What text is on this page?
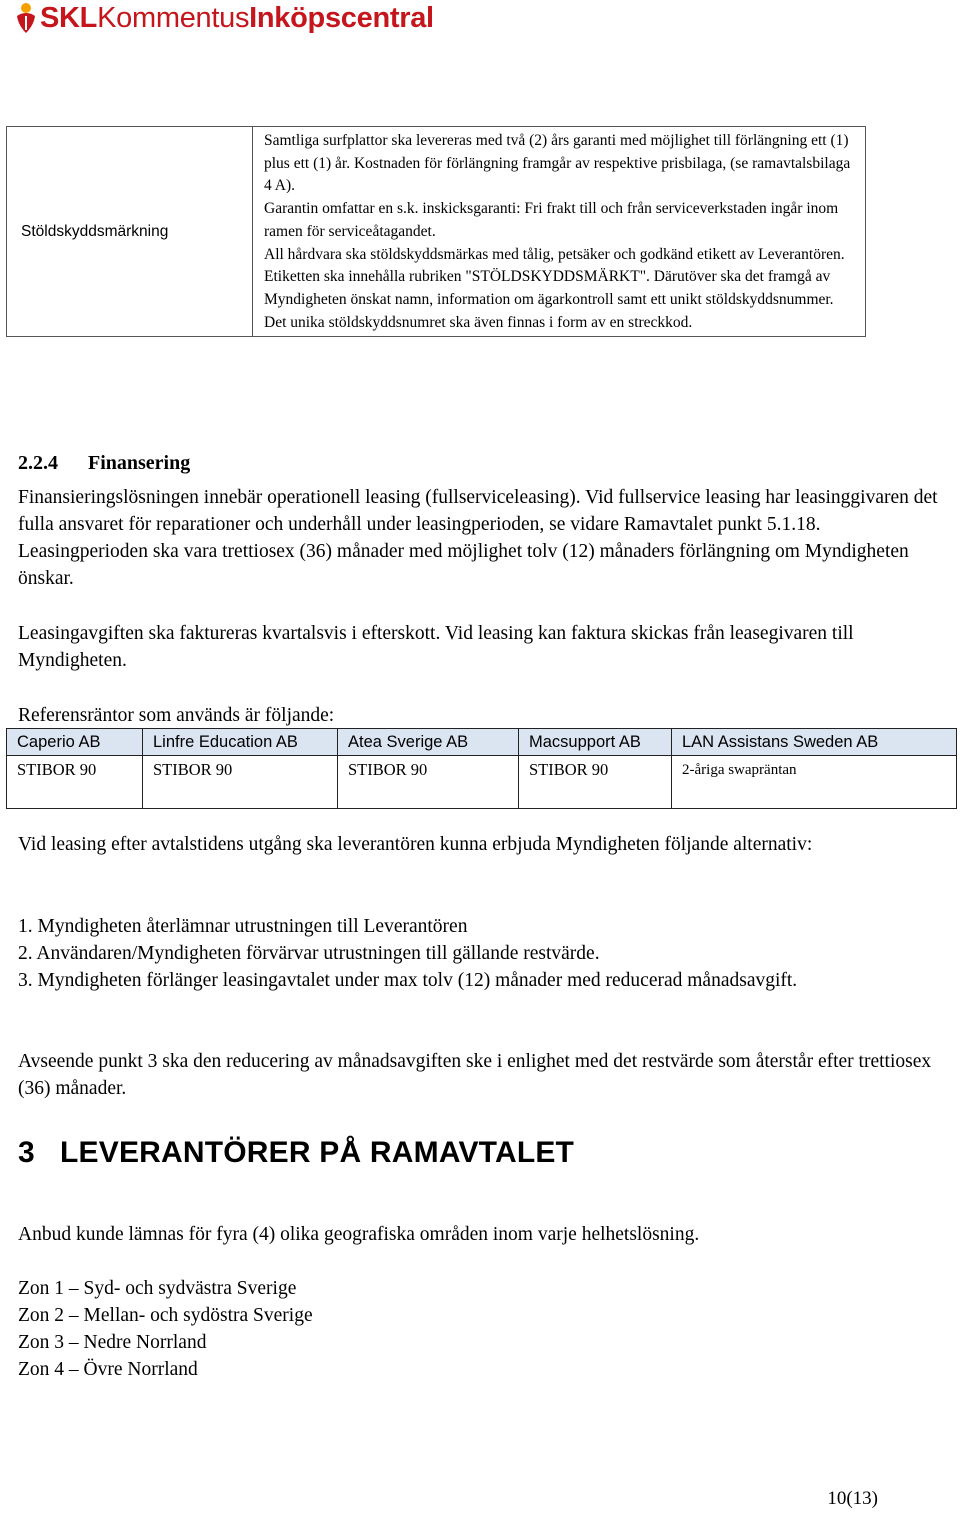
SKL Kommentus Inköpscentral
Stöldskyddsmärkning	

Samtliga surfplattor ska levereras med två (2) års garanti med möjlighet till förlängning ett (1) plus ett (1) år. Kostnaden för förlängning framgår av respektive prisbilaga, (se ramavtalsbilaga 4 A).

Garantin omfattar en s.k. inskicksgaranti: Fri frakt till och från serviceverkstaden ingår inom ramen för serviceåtagandet.

All hårdvara ska stöldskyddsmärkas med tålig, petsäker och godkänd etikett av Leverantören. Etiketten ska innehålla rubriken "STÖLDSKYDDSMÄRKT". Därutöver ska det framgå av Myndigheten önskat namn, information om ägarkontroll samt ett unikt stöldskyddsnummer. Det unika stöldskyddsnumret ska även finnas i form av en streckkod.

2.2.4 Finansering

Finansieringslösningen innebär operationell leasing (fullserviceleasing). Vid fullservice leasing har leasinggivaren det fulla ansvaret för reparationer och underhåll under leasingperioden, se vidare Ramavtalet punkt 5.1.18. Leasingperioden ska vara trettiosex (36) månader med möjlighet tolv (12) månaders förlängning om Myndigheten önskar.

Leasingavgiften ska faktureras kvartalsvis i efterskott. Vid leasing kan faktura skickas från leasegivaren till Myndigheten.

Referensräntor som används är följande:

Caperio AB	Linfre Education AB	Atea Sverige AB	Macsupport AB	LAN Assistans Sweden AB
STIBOR 90	STIBOR 90	STIBOR 90	STIBOR 90	2-åriga swapräntan

Vid leasing efter avtalstidens utgång ska leverantören kunna erbjuda Myndigheten följande alternativ:

1. Myndigheten återlämnar utrustningen till Leverantören

2. Användaren/Myndigheten förvärvar utrustningen till gällande restvärde.

3. Myndigheten förlänger leasingavtalet under max tolv (12) månader med reducerad månadsavgift.

Avseende punkt 3 ska den reducering av månadsavgiften ske i enlighet med det restvärde som återstår efter trettiosex (36) månader.

3 LEVERANTÖRER PÅ RAMAVTALET

Anbud kunde lämnas för fyra (4) olika geografiska områden inom varje helhetslösning.

Zon 1 – Syd- och sydvästra Sverige

Zon 2 – Mellan- och sydöstra Sverige

Zon 3 – Nedre Norrland

Zon 4 – Övre Norrland

10(13)
